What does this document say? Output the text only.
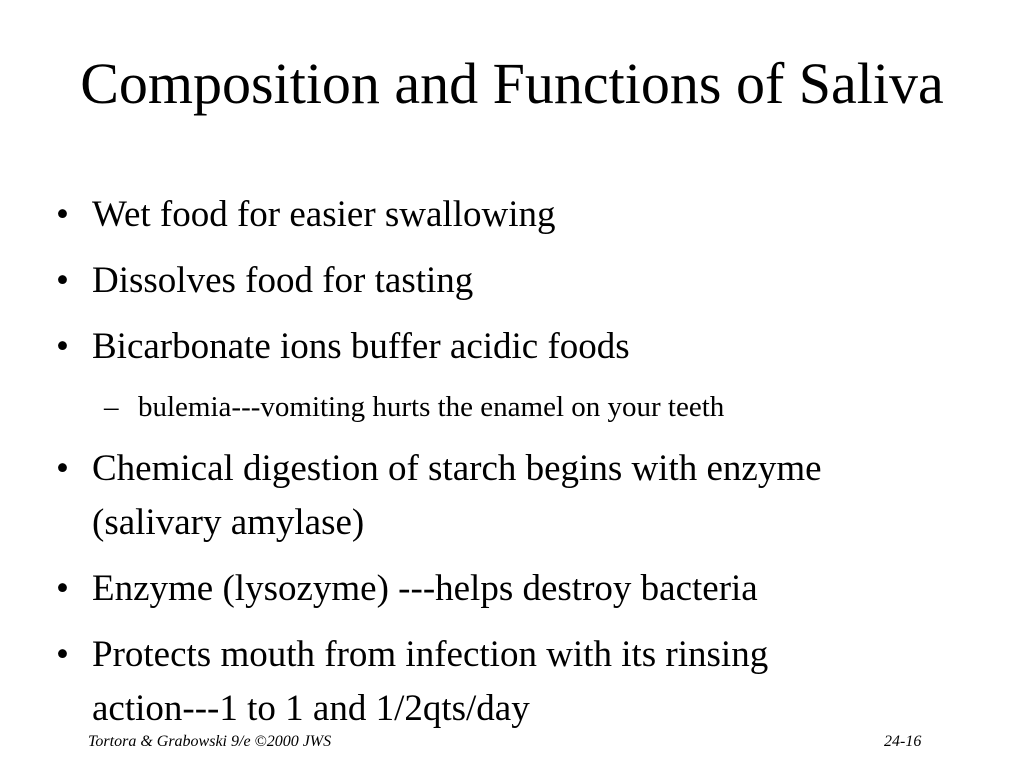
Composition and Functions of Saliva
• Wet food for easier swallowing
• Dissolves food for tasting
• Bicarbonate ions buffer acidic foods
– bulemia---vomiting hurts the enamel on your teeth
• Chemical digestion of starch begins with enzyme
(salivary amylase)
• Enzyme (lysozyme) ---helps destroy bacteria
• Protects mouth from infection with its rinsing
action---1 to 1 and 1/2qts/day
Tortora & Grabowski 9/e ©2000 JWS	24-16
